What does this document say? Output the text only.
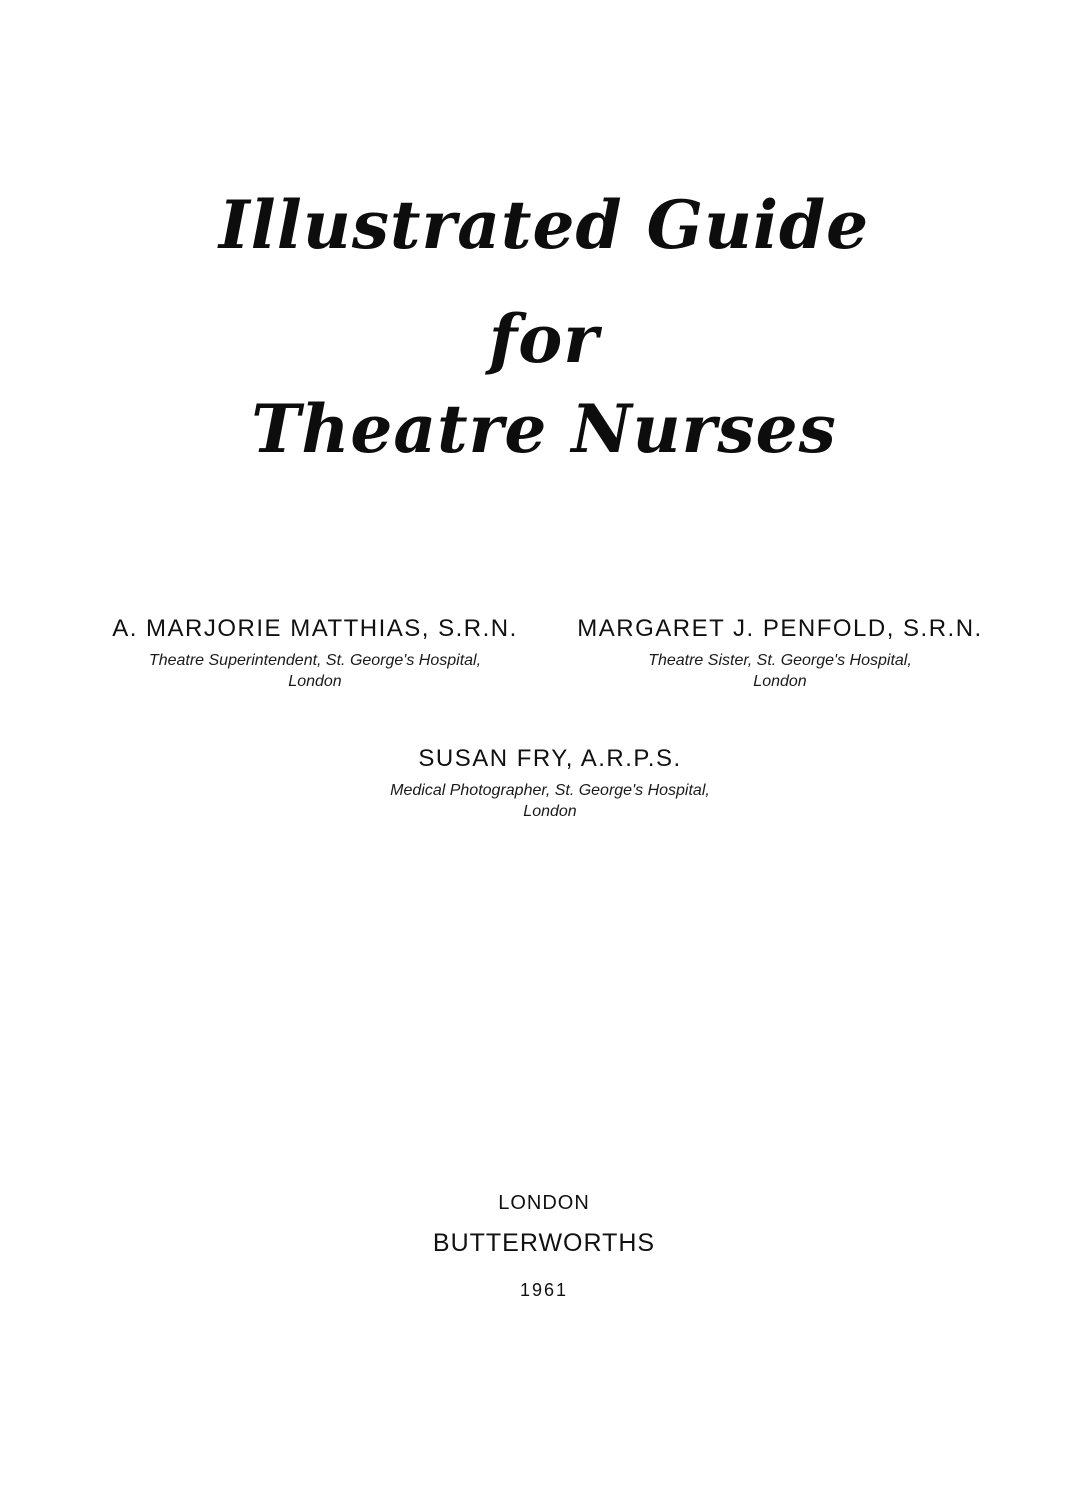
Illustrated Guide
for
Theatre Nurses
A. MARJORIE MATTHIAS, S.R.N.
Theatre Superintendent, St. George's Hospital,
London
MARGARET J. PENFOLD, S.R.N.
Theatre Sister, St. George's Hospital,
London
SUSAN FRY, A.R.P.S.
Medical Photographer, St. George's Hospital,
London
LONDON
BUTTERWORTHS
1961
